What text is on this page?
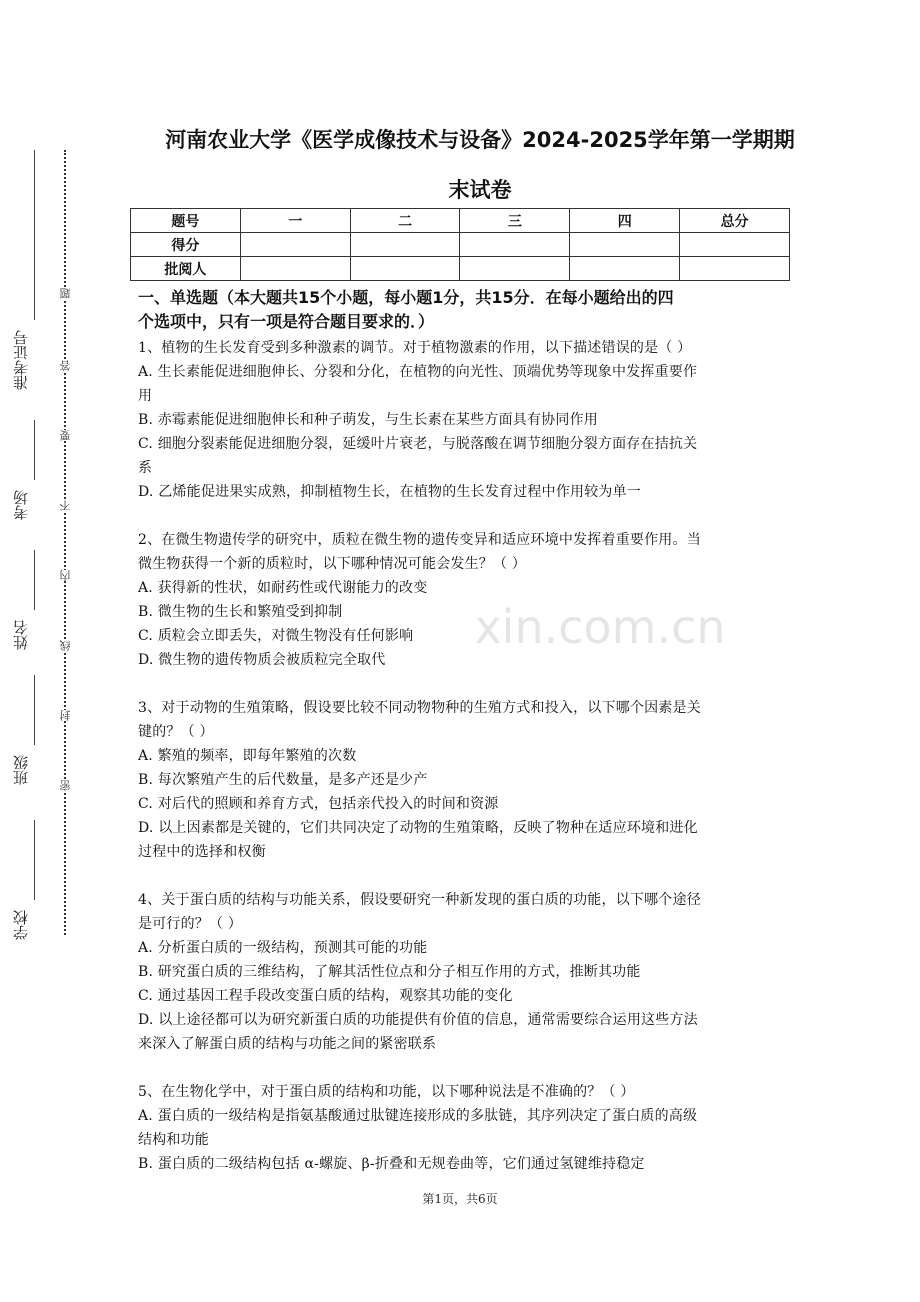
准考证号
考场
姓名
班级
学校
题
答
要
不
内
线
封
密
河南农业大学《医学成像技术与设备》2024-2025学年第一学期期
末试卷
题号	一	二	三	四	总分
得分					
批阅人					
一、单选题（本大题共15个小题，每小题1分，共15分．在每小题给出的四
个选项中，只有一项是符合题目要求的．）

1、植物的生长发育受到多种激素的调节。对于植物激素的作用，以下描述错误的是（ ）

A. 生长素能促进细胞伸长、分裂和分化，在植物的向光性、顶端优势等现象中发挥重要作

用

B. 赤霉素能促进细胞伸长和种子萌发，与生长素在某些方面具有协同作用

C. 细胞分裂素能促进细胞分裂，延缓叶片衰老，与脱落酸在调节细胞分裂方面存在拮抗关

系

D. 乙烯能促进果实成熟，抑制植物生长，在植物的生长发育过程中作用较为单一

2、在微生物遗传学的研究中，质粒在微生物的遗传变异和适应环境中发挥着重要作用。当

微生物获得一个新的质粒时，以下哪种情况可能会发生？（ ）

A. 获得新的性状，如耐药性或代谢能力的改变

B. 微生物的生长和繁殖受到抑制

C. 质粒会立即丢失，对微生物没有任何影响

D. 微生物的遗传物质会被质粒完全取代

3、对于动物的生殖策略，假设要比较不同动物物种的生殖方式和投入，以下哪个因素是关

键的？（ ）

A. 繁殖的频率，即每年繁殖的次数

B. 每次繁殖产生的后代数量，是多产还是少产

C. 对后代的照顾和养育方式，包括亲代投入的时间和资源

D. 以上因素都是关键的，它们共同决定了动物的生殖策略，反映了物种在适应环境和进化

过程中的选择和权衡

4、关于蛋白质的结构与功能关系，假设要研究一种新发现的蛋白质的功能，以下哪个途径

是可行的？（ ）

A. 分析蛋白质的一级结构，预测其可能的功能

B. 研究蛋白质的三维结构，了解其活性位点和分子相互作用的方式，推断其功能

C. 通过基因工程手段改变蛋白质的结构，观察其功能的变化

D. 以上途径都可以为研究新蛋白质的功能提供有价值的信息，通常需要综合运用这些方法

来深入了解蛋白质的结构与功能之间的紧密联系

5、在生物化学中，对于蛋白质的结构和功能，以下哪种说法是不准确的？（ ）

A. 蛋白质的一级结构是指氨基酸通过肽键连接形成的多肽链，其序列决定了蛋白质的高级

结构和功能

B. 蛋白质的二级结构包括 α-螺旋、β-折叠和无规卷曲等，它们通过氢键维持稳定

xin.com.cn
第1页，共6页
